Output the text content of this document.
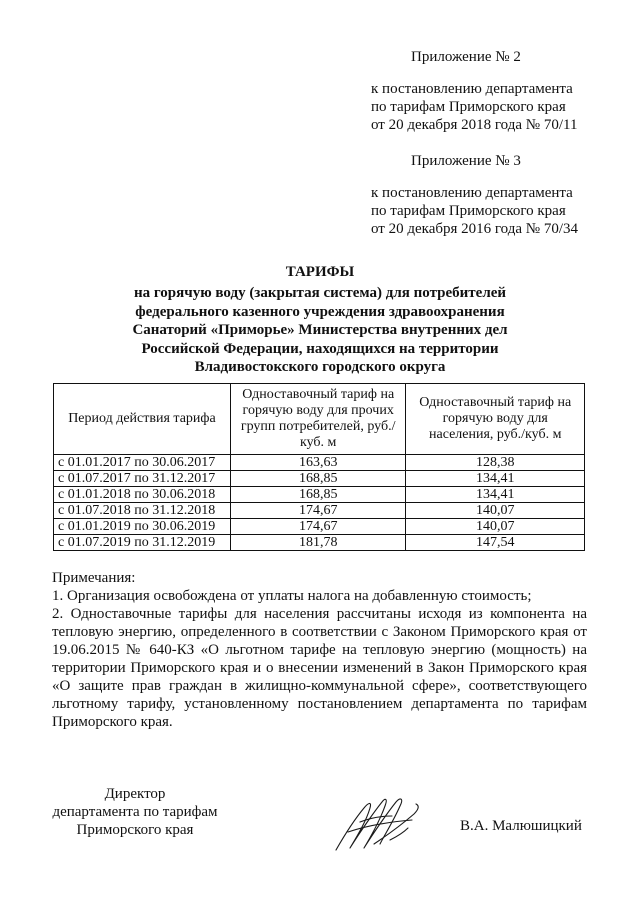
Приложение № 2
к постановлению департамента
по тарифам Приморского края
от 20 декабря 2018 года № 70/11
Приложение № 3
к постановлению департамента
по тарифам Приморского края
от 20 декабря 2016 года № 70/34
ТАРИФЫ
на горячую воду (закрытая система) для потребителей
федерального казенного учреждения здравоохранения
Санаторий «Приморье» Министерства внутренних дел
Российской Федерации, находящихся на территории
Владивостокского городского округа
Период действия тарифа	Одноставочный тариф на горячую воду для прочих групп потребителей, руб./куб. м	Одноставочный тариф на горячую воду для населения, руб./куб. м
с 01.01.2017 по 30.06.2017	163,63	128,38
с 01.07.2017 по 31.12.2017	168,85	134,41
с 01.01.2018 по 30.06.2018	168,85	134,41
с 01.07.2018 по 31.12.2018	174,67	140,07
с 01.01.2019 по 30.06.2019	174,67	140,07
с 01.07.2019 по 31.12.2019	181,78	147,54
Примечания:
1. Организация освобождена от уплаты налога на добавленную стоимость;
2. Одноставочные тарифы для населения рассчитаны исходя из компонента на тепловую энергию, определенного в соответствии с Законом Приморского края от 19.06.2015 № 640-КЗ «О льготном тарифе на тепловую энергию (мощность) на территории Приморского края и о внесении изменений в Закон Приморского края «О защите прав граждан в жилищно-коммунальной сфере», соответствующего льготному тарифу, установленному постановлением департамента по тарифам Приморского края.
Директор
департамента по тарифам
Приморского края	В.А. Малюшицкий
